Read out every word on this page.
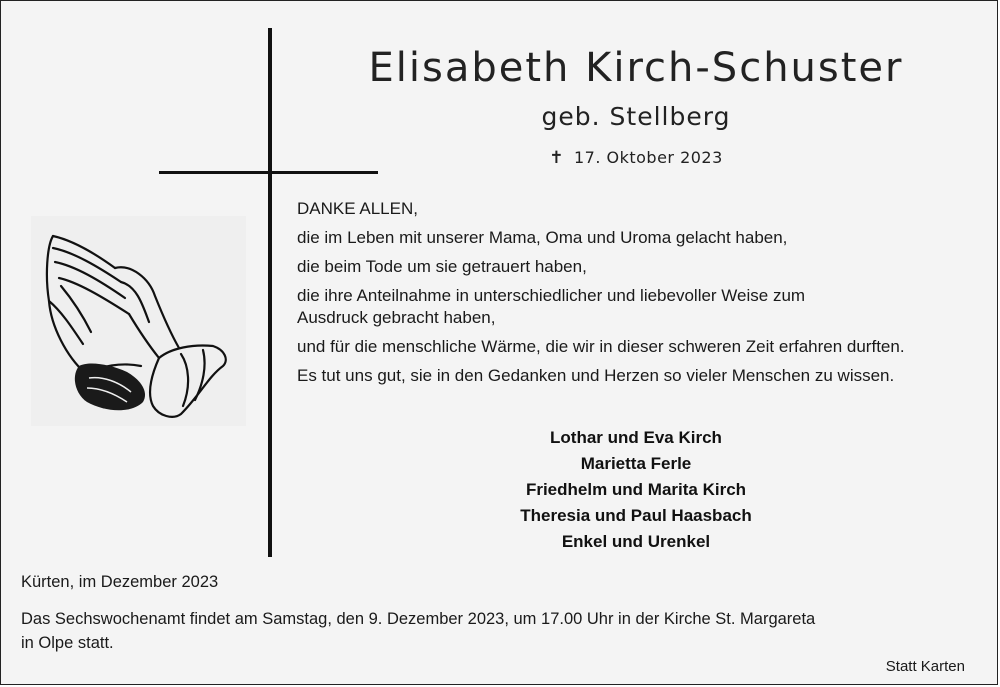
Elisabeth Kirch-Schuster
geb. Stellberg
✝ 17. Oktober 2023
DANKE ALLEN,
die im Leben mit unserer Mama, Oma und Uroma gelacht haben,
die beim Tode um sie getrauert haben,
die ihre Anteilnahme in unterschiedlicher und liebevoller Weise zum
Ausdruck gebracht haben,
und für die menschliche Wärme, die wir in dieser schweren Zeit erfahren durften.
Es tut uns gut, sie in den Gedanken und Herzen so vieler Menschen zu wissen.
Lothar und Eva Kirch
Marietta Ferle
Friedhelm und Marita Kirch
Theresia und Paul Haasbach
Enkel und Urenkel
Kürten, im Dezember 2023
Das Sechswochenamt findet am Samstag, den 9. Dezember 2023, um 17.00 Uhr in der Kirche St. Margareta
in Olpe statt.
Statt Karten
